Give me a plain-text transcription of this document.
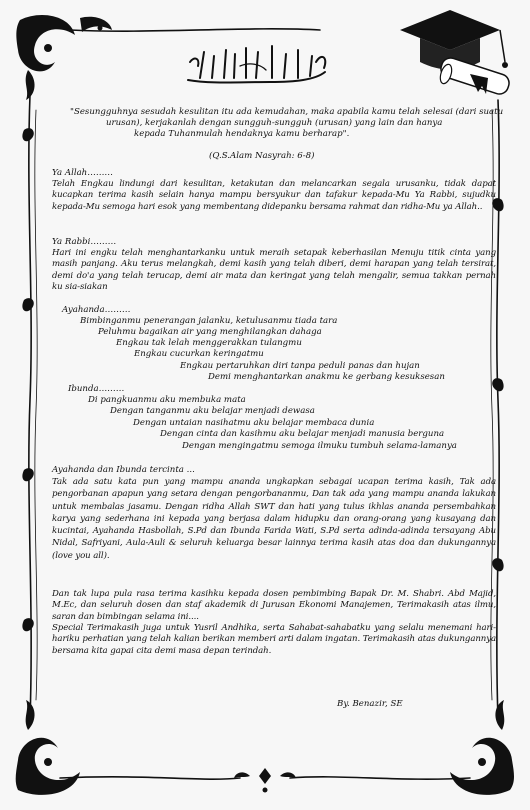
بِسْمِ اللهِ الرَّحْمٰنِ الرَّحِيْمِ
"Sesungguhnya sesudah kesulitan itu ada kemudahan, maka apabila kamu telah selesai (dari suatu
urusan), kerjakanlah dengan sungguh-sungguh (urusan) yang lain dan hanya
kepada Tuhanmulah hendaknya kamu berharap".
(Q.S.Alam Nasyrah: 6-8)
Ya Allah………
Telah Engkau lindungi dari kesulitan, ketakutan dan melancarkan segala urusanku, tidak dapat kucapkan terima kasih selain hanya mampu bersyukur dan tafakur kepada-Mu Ya Rabbi, sujudku kepada-Mu semoga hari esok yang membentang didepanku bersama rahmat dan ridha-Mu ya Allah..
Ya Rabbi………
Hari ini engku telah menghantarkanku untuk meraih setapak keberhasilan Menuju titik cinta yang masih panjang. Aku terus melangkah, demi kasih yang telah diberi, demi harapan yang telah tersirat, demi do'a yang telah terucap, demi air mata dan keringat yang telah mengalir, semua takkan pernah ku sia-siakan
Ayahanda………
Bimbinganmu penerangan jalanku, ketulusanmu tiada tara
Peluhmu bagaikan air yang menghilangkan dahaga
Engkau tak lelah menggerakkan tulangmu
Engkau cucurkan keringatmu
Engkau pertaruhkan diri tanpa peduli panas dan hujan
Demi menghantarkan anakmu ke gerbang kesuksesan
Ibunda………
Di pangkuanmu aku membuka mata
Dengan tanganmu aku belajar menjadi dewasa
Dengan untaian nasihatmu aku belajar membaca dunia
Dengan cinta dan kasihmu aku belajar menjadi manusia berguna
Dengan mengingatmu semoga ilmuku tumbuh selama-lamanya
Ayahanda dan Ibunda tercinta ...
Tak ada satu kata pun yang mampu ananda ungkapkan sebagai ucapan terima kasih, Tak ada pengorbanan apapun yang setara dengan pengorbananmu, Dan tak ada yang mampu ananda lakukan untuk membalas jasamu. Dengan ridha Allah SWT dan hati yang tulus ikhlas ananda persembahkan karya yang sederhana ini kepada yang berjasa dalam hidupku dan orang-orang yang kusayang dan kucintai, Ayahanda Hasbollah, S.Pd dan Ibunda Farida Wati, S.Pd serta adinda-adinda tersayang Abu Nidal, Safriyani, Aula-Auli & seluruh keluarga besar lainnya terima kasih atas doa dan dukungannya (love you all).
Dan tak lupa pula rasa terima kasihku kepada dosen pembimbing Bapak Dr. M. Shabri. Abd Majid, M.Ec, dan seluruh dosen dan staf akademik di Jurusan Ekonomi Manajemen, Terimakasih atas ilmu, saran dan bimbingan selama ini....
Special Terimakasih juga untuk Yusril Andhika, serta Sahabat-sahabatku yang selalu menemani hari-hariku perhatian yang telah kalian berikan memberi arti dalam ingatan. Terimakasih atas dukungannya bersama kita gapai cita demi masa depan terindah.
By. Benazir, SE
